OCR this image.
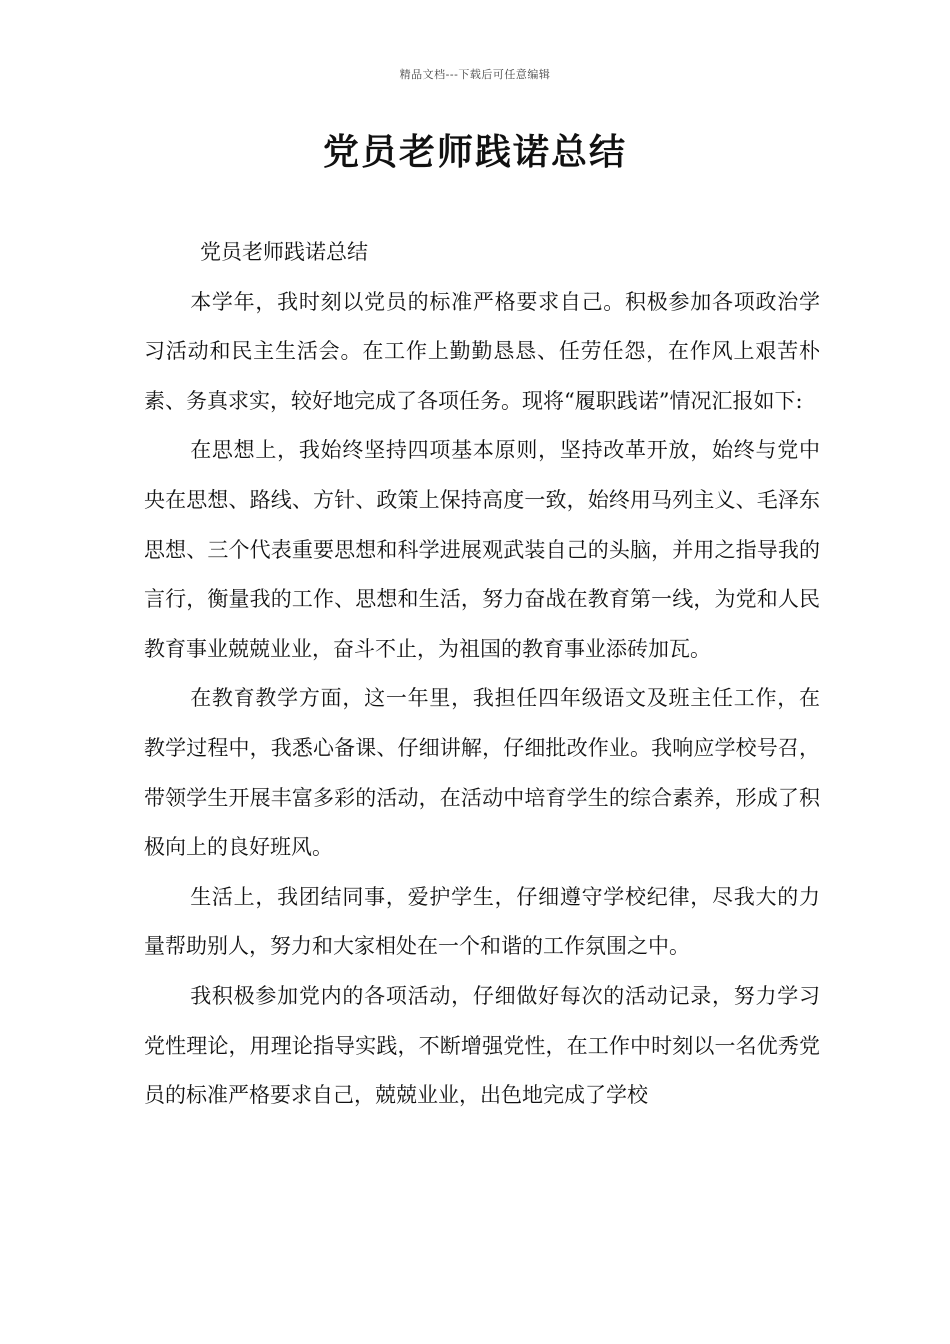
精品文档---下载后可任意编辑
党员老师践诺总结

党员老师践诺总结

本学年，我时刻以党员的标准严格要求自己。积极参加各项政治学习活动和民主生活会。在工作上勤勤恳恳、任劳任怨，在作风上艰苦朴素、务真求实，较好地完成了各项任务。现将“履职践诺”情况汇报如下:

在思想上，我始终坚持四项基本原则，坚持改革开放，始终与党中央在思想、路线、方针、政策上保持高度一致，始终用马列主义、毛泽东思想、三个代表重要思想和科学进展观武装自己的头脑，并用之指导我的言行，衡量我的工作、思想和生活，努力奋战在教育第一线，为党和人民教育事业兢兢业业，奋斗不止，为祖国的教育事业添砖加瓦。

在教育教学方面，这一年里，我担任四年级语文及班主任工作，在教学过程中，我悉心备课、仔细讲解，仔细批改作业。我响应学校号召，带领学生开展丰富多彩的活动，在活动中培育学生的综合素养，形成了积极向上的良好班风。

生活上，我团结同事，爱护学生，仔细遵守学校纪律，尽我大的力量帮助别人，努力和大家相处在一个和谐的工作氛围之中。

我积极参加党内的各项活动，仔细做好每次的活动记录，努力学习党性理论，用理论指导实践，不断增强党性，在工作中时刻以一名优秀党员的标准严格要求自己，兢兢业业，出色地完成了学校
